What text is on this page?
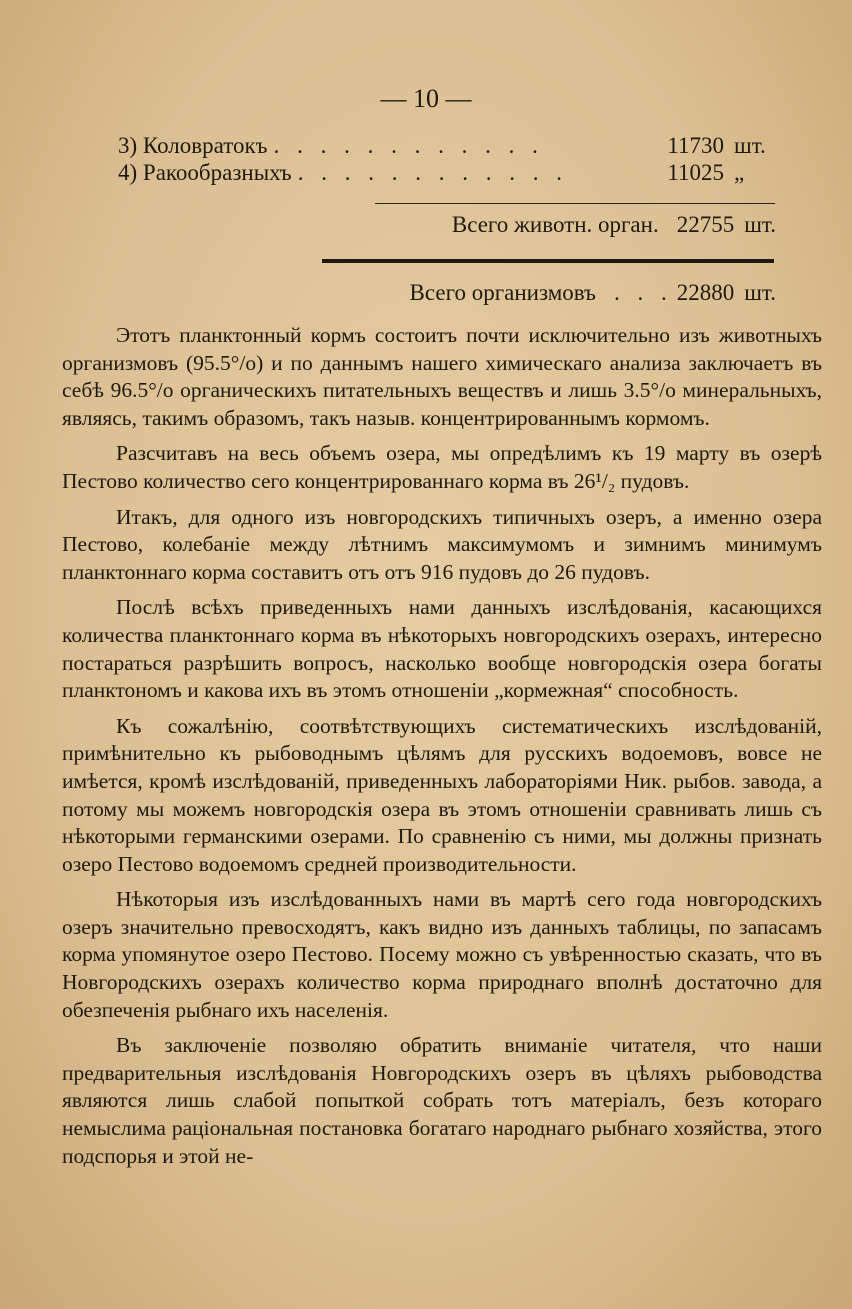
— 10 —
3) Коловратокъ . . . . . . . . . . . .	11730 шт.
4) Ракообразныхъ . . . . . . . . . . . .	11025 „
Всего животн. орган. 22755 шт.
Всего организмовъ . . . 22880 шт.

Этотъ планктонный кормъ состоитъ почти исключительно изъ животныхъ организмовъ (95.5°/o) и по даннымъ нашего химическаго анализа заключаетъ въ себѣ 96.5°/o органическихъ питательныхъ веществъ и лишь 3.5°/o минеральныхъ, являясь, такимъ образомъ, такъ назыв. концентрированнымъ кормомъ.

Разсчитавъ на весь объемъ озера, мы опредѣлимъ къ 19 марту въ озерѣ Пестово количество сего концентрированнаго корма въ 26¹/₂ пудовъ.

Итакъ, для одного изъ новгородскихъ типичныхъ озеръ, а именно озера Пестово, колебаніе между лѣтнимъ максимумомъ и зимнимъ минимумъ планктоннаго корма составитъ отъ отъ 916 пудовъ до 26 пудовъ.

Послѣ всѣхъ приведенныхъ нами данныхъ изслѣдованія, касающихся количества планктоннаго корма въ нѣкоторыхъ новгородскихъ озерахъ, интересно постараться разрѣшить вопросъ, насколько вообще новгородскія озера богаты планктономъ и какова ихъ въ этомъ отношеніи „кормежная“ способность.

Къ сожалѣнію, соотвѣтствующихъ систематическихъ изслѣдованій, примѣнительно къ рыбоводнымъ цѣлямъ для русскихъ водоемовъ, вовсе не имѣется, кромѣ изслѣдованій, приведенныхъ лабораторіями Ник. рыбов. завода, а потому мы можемъ новгородскія озера въ этомъ отношеніи сравнивать лишь съ нѣкоторыми германскими озерами. По сравненію съ ними, мы должны признать озеро Пестово водоемомъ средней производительности.

Нѣкоторыя изъ изслѣдованныхъ нами въ мартѣ сего года новгородскихъ озеръ значительно превосходятъ, какъ видно изъ данныхъ таблицы, по запасамъ корма упомянутое озеро Пестово. Посему можно съ увѣренностью сказать, что въ Новгородскихъ озерахъ количество корма природнаго вполнѣ достаточно для обезпеченія рыбнаго ихъ населенія.

Въ заключеніе позволяю обратить вниманіе читателя, что наши предварительныя изслѣдованія Новгородскихъ озеръ въ цѣляхъ рыбоводства являются лишь слабой попыткой собрать тотъ матеріалъ, безъ котораго немыслима раціональная постановка богатаго народнаго рыбнаго хозяйства, этого подспорья и этой не-
